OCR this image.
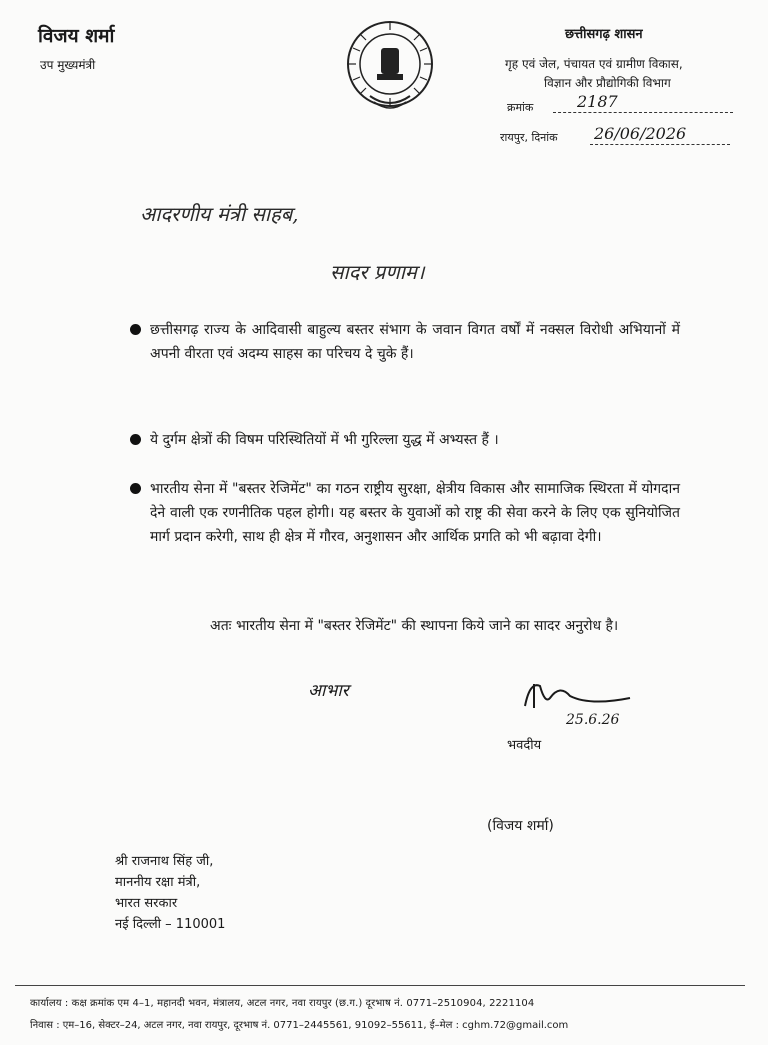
विजय शर्मा
उप मुख्यमंत्री
छत्तीसगढ़ शासन
गृह एवं जेल, पंचायत एवं ग्रामीण विकास,
विज्ञान और प्रौद्योगिकी विभाग
क्रमांक	2187
रायपुर, दिनांक 26/06/2026
आदरणीय मंत्री साहब,
सादर प्रणाम।
छत्तीसगढ़ राज्य के आदिवासी बाहुल्य बस्तर संभाग के जवान विगत वर्षों में नक्सल विरोधी अभियानों में अपनी वीरता एवं अदम्य साहस का परिचय दे चुके हैं।
ये दुर्गम क्षेत्रों की विषम परिस्थितियों में भी गुरिल्ला युद्ध में अभ्यस्त हैं ।
भारतीय सेना में "बस्तर रेजिमेंट" का गठन राष्ट्रीय सुरक्षा, क्षेत्रीय विकास और सामाजिक स्थिरता में योगदान देने वाली एक रणनीतिक पहल होगी। यह बस्तर के युवाओं को राष्ट्र की सेवा करने के लिए एक सुनियोजित मार्ग प्रदान करेगी, साथ ही क्षेत्र में गौरव, अनुशासन और आर्थिक प्रगति को भी बढ़ावा देगी।
अतः भारतीय सेना में "बस्तर रेजिमेंट" की स्थापना किये जाने का सादर अनुरोध है।
आभार
25.6.26
भवदीय
(विजय शर्मा)
श्री राजनाथ सिंह जी,
माननीय रक्षा मंत्री,
भारत सरकार
नई दिल्ली – 110001
कार्यालय : कक्ष क्रमांक एम 4–1, महानदी भवन, मंत्रालय, अटल नगर, नवा रायपुर (छ.ग.) दूरभाष नं. 0771–2510904, 2221104
निवास : एम–16, सेक्टर–24, अटल नगर, नवा रायपुर, दूरभाष नं. 0771–2445561, 91092–55611, ई–मेल : cghm.72@gmail.com
